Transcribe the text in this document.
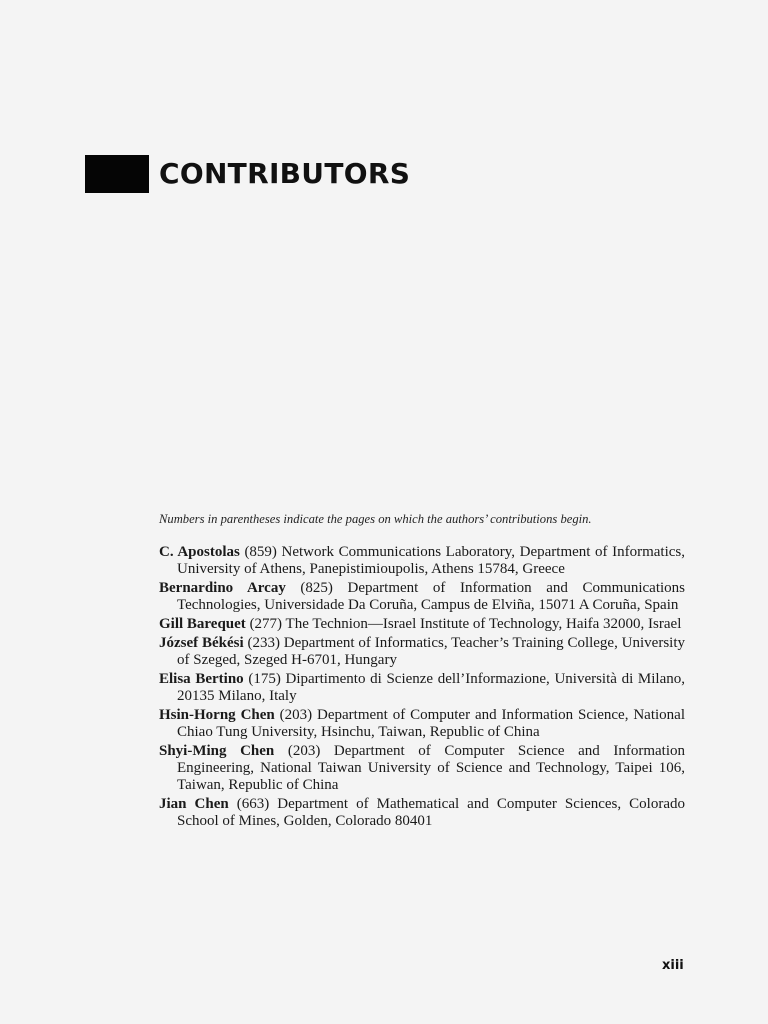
CONTRIBUTORS
Numbers in parentheses indicate the pages on which the authors’ contributions begin.

C. Apostolas (859) Network Communications Laboratory, Department of Informatics, University of Athens, Panepistimioupolis, Athens 15784, Greece

Bernardino Arcay (825) Department of Information and Communications Technologies, Universidade Da Coruña, Campus de Elviña, 15071 A Coruña, Spain

Gill Barequet (277) The Technion—Israel Institute of Technology, Haifa 32000, Israel

József Békési (233) Department of Informatics, Teacher’s Training College, University of Szeged, Szeged H-6701, Hungary

Elisa Bertino (175) Dipartimento di Scienze dell’Informazione, Università di Milano, 20135 Milano, Italy

Hsin-Horng Chen (203) Department of Computer and Information Science, National Chiao Tung University, Hsinchu, Taiwan, Republic of China

Shyi-Ming Chen (203) Department of Computer Science and Information Engineering, National Taiwan University of Science and Technology, Taipei 106, Taiwan, Republic of China

Jian Chen (663) Department of Mathematical and Computer Sciences, Colorado School of Mines, Golden, Colorado 80401

xiii
